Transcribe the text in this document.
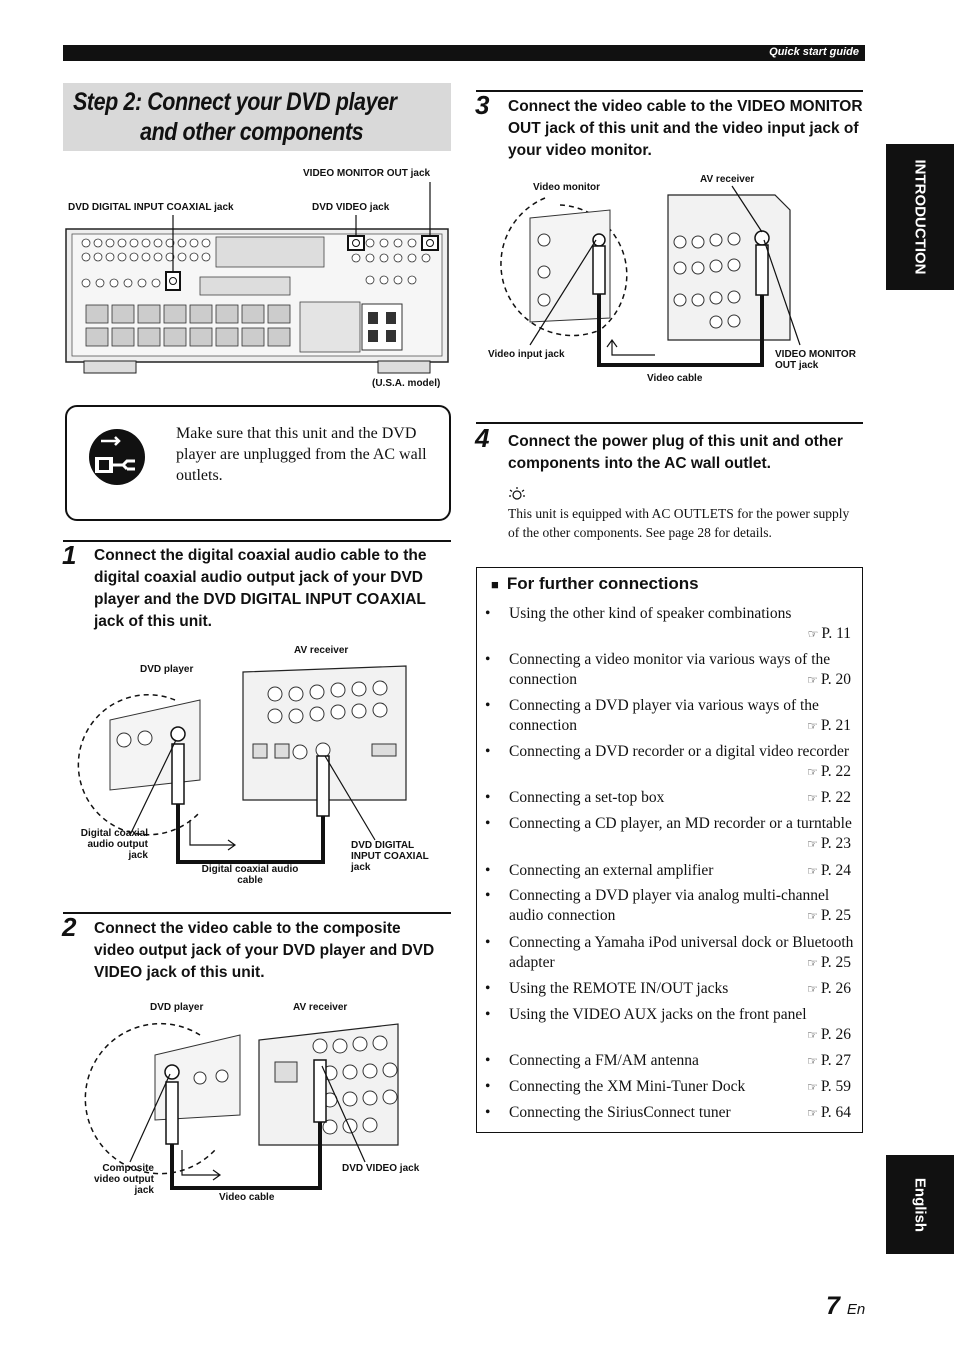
Quick start guide
Step 2: Connect your DVD player
and other components
VIDEO MONITOR OUT jack
DVD DIGITAL INPUT COAXIAL jack	DVD VIDEO jack
(U.S.A. model)
Make sure that this unit and the DVD player are unplugged from the AC wall outlets.
1 Connect the digital coaxial audio cable to the digital coaxial audio output jack of your DVD player and the DVD DIGITAL INPUT COAXIAL jack of this unit.
DVD player
AV receiver
Digital coaxial audio output jack
Digital coaxial audio cable
DVD DIGITAL INPUT COAXIAL jack
2 Connect the video cable to the composite video output jack of your DVD player and DVD VIDEO jack of this unit.
DVD player	AV receiver
Composite video output jack
Video cable
DVD VIDEO jack
3 Connect the video cable to the VIDEO MONITOR OUT jack of this unit and the video input jack of your video monitor.
Video monitor
AV receiver
Video input jack
Video cable
VIDEO MONITOR OUT jack
4 Connect the power plug of this unit and other components into the AC wall outlet.
This unit is equipped with AC OUTLETS for the power supply of the other components. See page 28 for details.
■ For further connections
• Using the other kind of speaker combinations
☞ P. 11
• Connecting a video monitor via various ways of the connection	☞ P. 20
• Connecting a DVD player via various ways of the connection	☞ P. 21
• Connecting a DVD recorder or a digital video recorder
☞ P. 22
• Connecting a set-top box	☞ P. 22
• Connecting a CD player, an MD recorder or a turntable
☞ P. 23
• Connecting an external amplifier	☞ P. 24
• Connecting a DVD player via analog multi-channel audio connection	☞ P. 25
• Connecting a Yamaha iPod universal dock or Bluetooth adapter	☞ P. 25
• Using the REMOTE IN/OUT jacks	☞ P. 26
• Using the VIDEO AUX jacks on the front panel
☞ P. 26
• Connecting a FM/AM antenna	☞ P. 27
• Connecting the XM Mini-Tuner Dock	☞ P. 59
• Connecting the SiriusConnect tuner	☞ P. 64
INTRODUCTION
English
7 En
